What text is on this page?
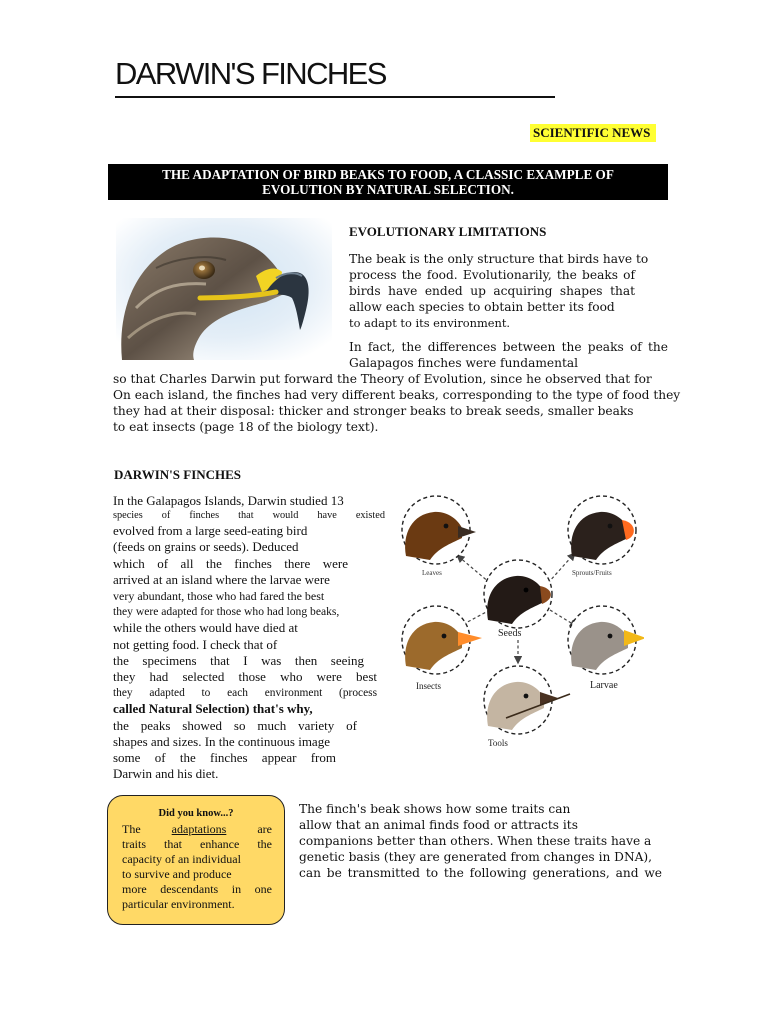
DARWIN'S FINCHES
SCIENTIFIC NEWS
THE ADAPTATION OF BIRD BEAKS TO FOOD, A CLASSIC EXAMPLE OF
EVOLUTION BY NATURAL SELECTION.
EVOLUTIONARY LIMITATIONS
The beak is the only structure that birds have to
process the food. Evolutionarily, the beaks of
birds have ended up acquiring shapes that
allow each species to obtain better its food
to adapt to its environment.
In fact, the differences between the peaks of the
Galapagos finches were fundamental
so that Charles Darwin put forward the Theory of Evolution, since he observed that for
On each island, the finches had very different beaks, corresponding to the type of food they
they had at their disposal: thicker and stronger beaks to break seeds, smaller beaks
to eat insects (page 18 of the biology text).
DARWIN'S FINCHES
In the Galapagos Islands, Darwin studied 13
species of finches that would have existed
evolved from a large seed-eating bird
(feeds on grains or seeds). Deduced
which of all the finches there were
arrived at an island where the larvae were
very abundant, those who had fared the best
they were adapted for those who had long beaks,
while the others would have died at
not getting food. I check that of
the specimens that I was then seeing
they had selected those who were best
they adapted to each environment (process
called Natural Selection) that's why,
the peaks showed so much variety of
shapes and sizes. In the continuous image
some of the finches appear from
Darwin and his diet.
Leaves	Sprouts/Fruits
Seeds
Insects	Larvae
Tools
Did you know...?
The	adaptations	are
traits that enhance the
capacity of an individual
to survive and produce
more descendants in one
particular environment.
The finch's beak shows how some traits can
allow that an animal finds food or attracts its
companions better than others. When these traits have a
genetic basis (they are generated from changes in DNA),
can be transmitted to the following generations, and we
